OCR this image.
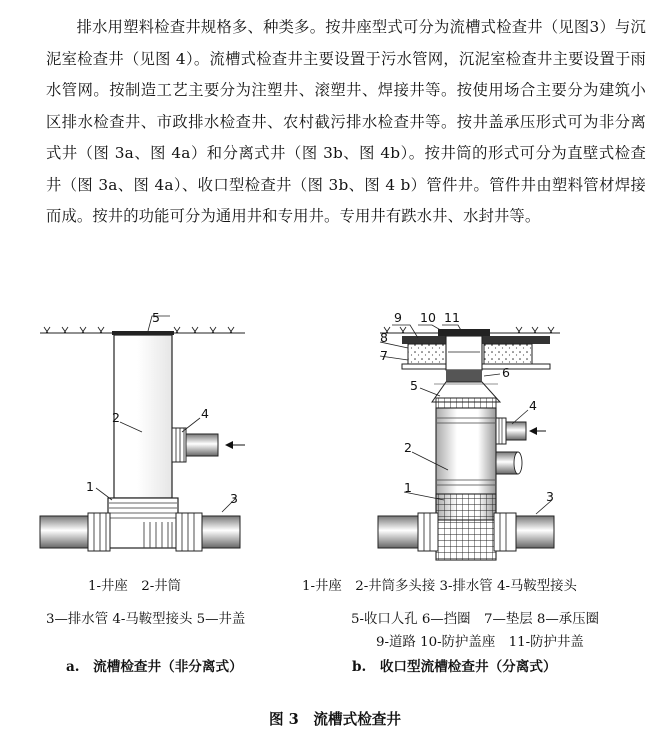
排水用塑料检查井规格多、种类多。按井座型式可分为流槽式检查井（见图3）与沉泥室检查井（见图 4）。流槽式检查井主要设置于污水管网，沉泥室检查井主要设置于雨水管网。按制造工艺主要分为注塑井、滚塑井、焊接井等。按使用场合主要分为建筑小区排水检查井、市政排水检查井、农村截污排水检查井等。按井盖承压形式可为非分离式井（图 3a、图 4a）和分离式井（图 3b、图 4b）。按井筒的形式可分为直壁式检查井（图 3a、图 4a）、收口型检查井（图 3b、图 4 b）管件井。管件井由塑料管材焊接而成。按井的功能可分为通用井和专用井。专用井有跌水井、水封井等。

5
2	4
1
3
9 10 11
8
7
6
5
4
2
1
3
1-井座　2-井筒
3—排水管 4-马鞍型接头 5—井盖
a.　流槽检查井（非分离式）
1-井座　2-井筒多头接 3-排水管 4-马鞍型接头
5-收口人孔 6—挡圈　7—垫层 8—承压圈
9-道路 10-防护盖座　11-防护井盖
b.　收口型流槽检查井（分离式）
图 3　流槽式检查井
